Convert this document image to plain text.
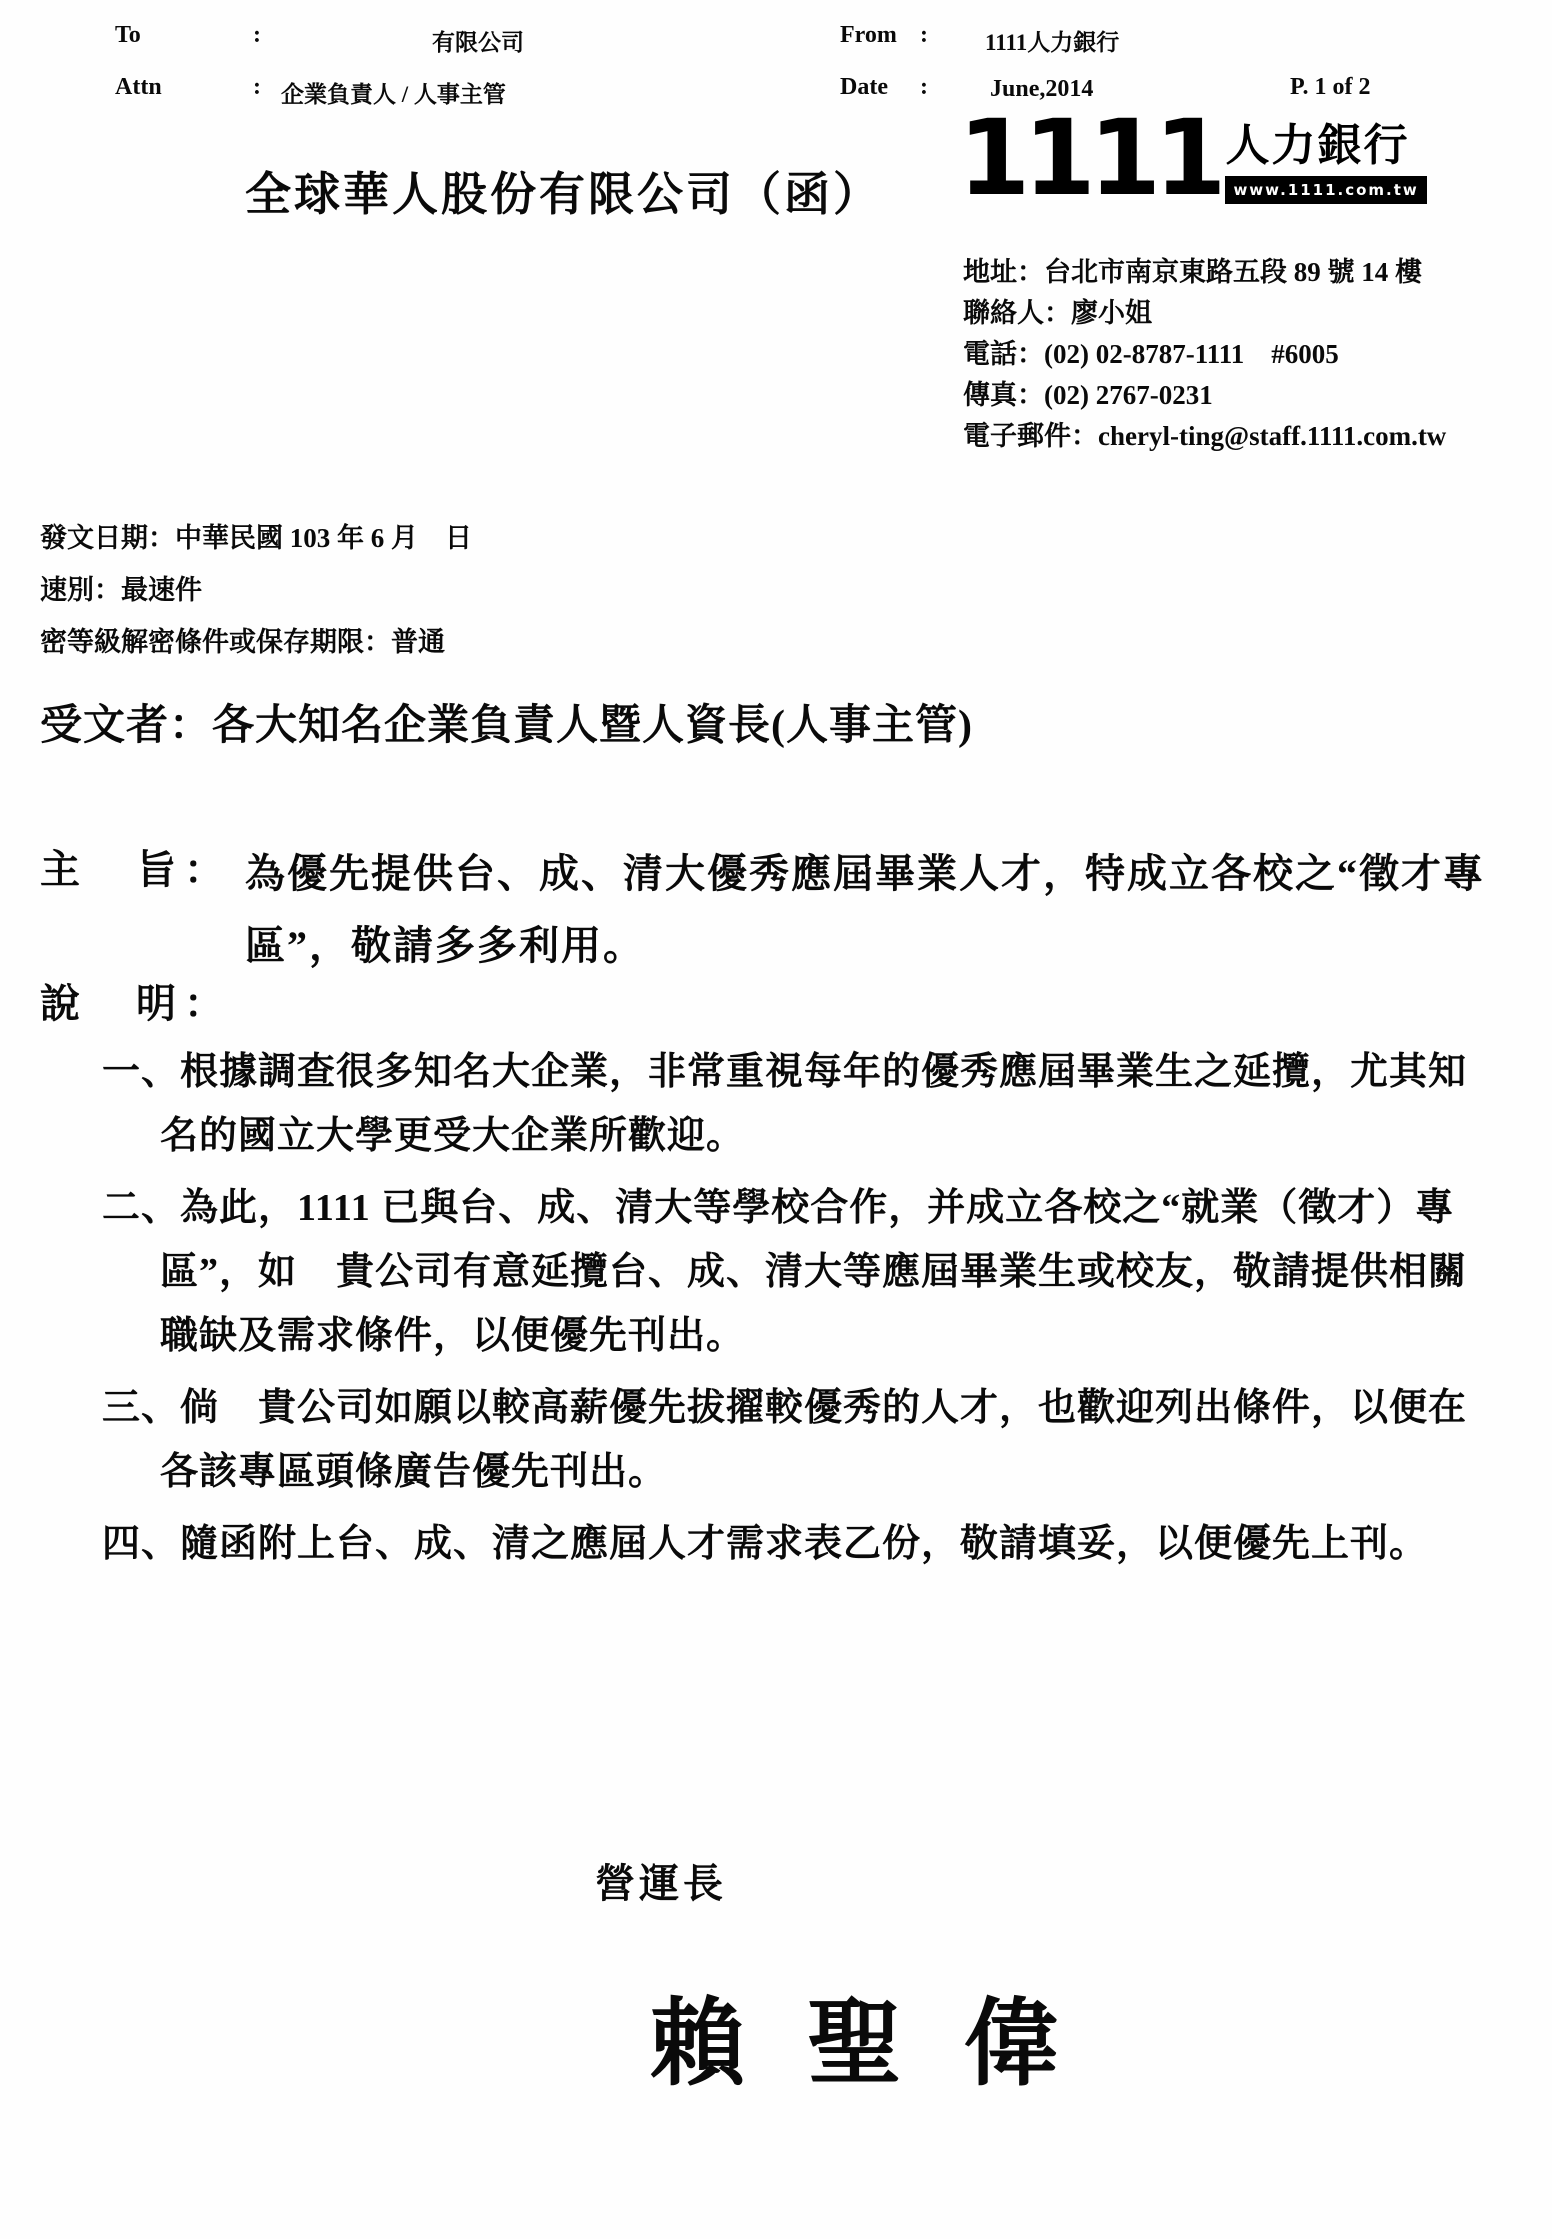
To	:	有限公司	From : 1111人力銀行
Attn	: 企業負責人 / 人事主管	Date :	June,2014	P. 1 of 2
全球華人股份有限公司（函） 1111 人力銀行
www.1111.com.tw
地址：台北市南京東路五段 89 號 14 樓
聯絡人：廖小姐
電話：(02) 02-8787-1111　#6005
傳真：(02) 2767-0231
電子郵件：cheryl-ting@staff.1111.com.tw
發文日期：中華民國 103 年 6 月　日
速別：最速件
密等級解密條件或保存期限：普通
受文者：各大知名企業負責人暨人資長(人事主管)
主　旨： 為優先提供台、成、清大優秀應屆畢業人才，特成立各校之“徵才專區”，敬請多多利用。
說　明：
一、根據調查很多知名大企業，非常重視每年的優秀應屆畢業生之延攬，尤其知名的國立大學更受大企業所歡迎。
二、為此，1111 已與台、成、清大等學校合作，并成立各校之“就業（徵才）專區”，如　貴公司有意延攬台、成、清大等應屆畢業生或校友，敬請提供相關職缺及需求條件，以便優先刊出。
三、倘　貴公司如願以較高薪優先拔擢較優秀的人才，也歡迎列出條件，以便在各該專區頭條廣告優先刊出。
四、隨函附上台、成、清之應屆人才需求表乙份，敬請填妥，以便優先上刊。
營運長
賴聖偉
